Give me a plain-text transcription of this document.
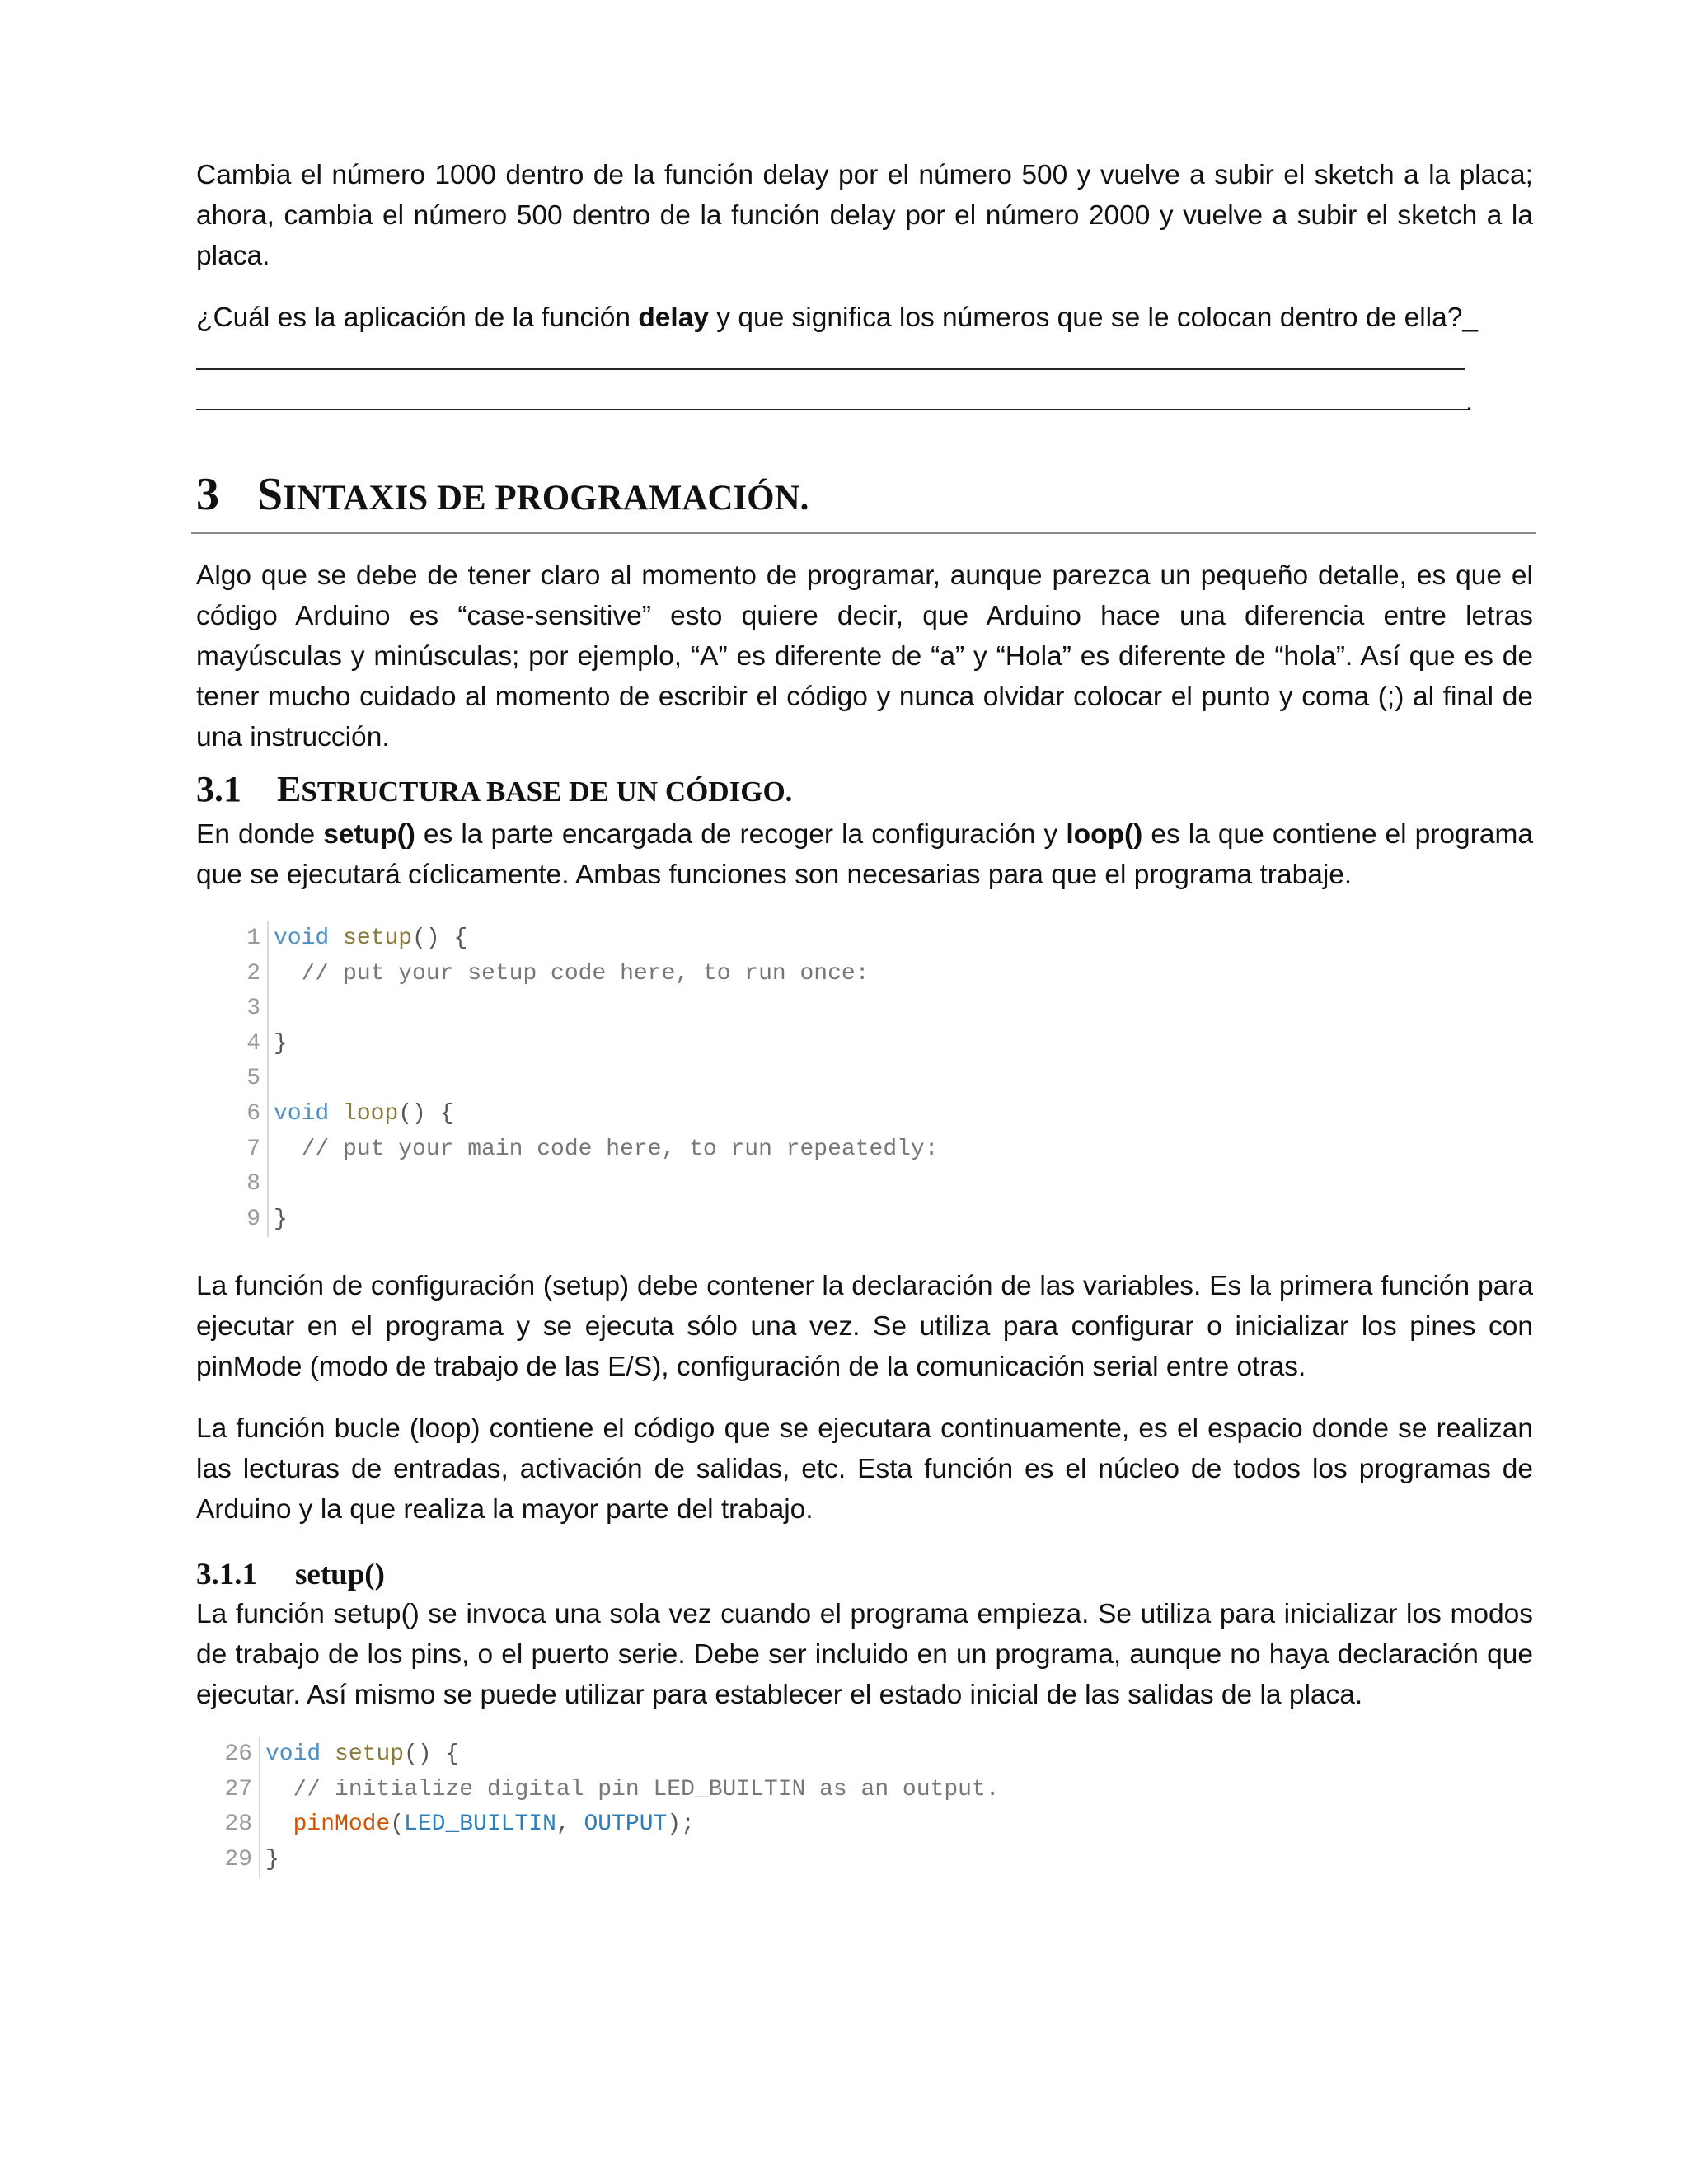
Cambia el número 1000 dentro de la función delay por el número 500 y vuelve a subir el sketch a la placa; ahora, cambia el número 500 dentro de la función delay por el número 2000 y vuelve a subir el sketch a la placa.

¿Cuál es la aplicación de la función delay y que significa los números que se le colocan dentro de ella?_

.
3 SINTAXIS DE PROGRAMACIÓN.

Algo que se debe de tener claro al momento de programar, aunque parezca un pequeño detalle, es que el código Arduino es “case-sensitive” esto quiere decir, que Arduino hace una diferencia entre letras mayúsculas y minúsculas; por ejemplo, “A” es diferente de “a” y “Hola” es diferente de “hola”. Así que es de tener mucho cuidado al momento de escribir el código y nunca olvidar colocar el punto y coma (;) al final de una instrucción.

3.1 ESTRUCTURA BASE DE UN CÓDIGO.

En donde setup() es la parte encargada de recoger la configuración y loop() es la que contiene el programa que se ejecutará cíclicamente. Ambas funciones son necesarias para que el programa trabaje.

1 void setup() {
2 // put your setup code here, to run once:
3
4 }
5
6 void loop() {
7 // put your main code here, to run repeatedly:
8
9 }

La función de configuración (setup) debe contener la declaración de las variables. Es la primera función para ejecutar en el programa y se ejecuta sólo una vez. Se utiliza para configurar o inicializar los pines con pinMode (modo de trabajo de las E/S), configuración de la comunicación serial entre otras.

La función bucle (loop) contiene el código que se ejecutara continuamente, es el espacio donde se realizan las lecturas de entradas, activación de salidas, etc. Esta función es el núcleo de todos los programas de Arduino y la que realiza la mayor parte del trabajo.

3.1.1 setup()

La función setup() se invoca una sola vez cuando el programa empieza. Se utiliza para inicializar los modos de trabajo de los pins, o el puerto serie. Debe ser incluido en un programa, aunque no haya declaración que ejecutar. Así mismo se puede utilizar para establecer el estado inicial de las salidas de la placa.

26 void setup() {
27 // initialize digital pin LED_BUILTIN as an output.
28	pinMode(LED_BUILTIN, OUTPUT);
29 }
